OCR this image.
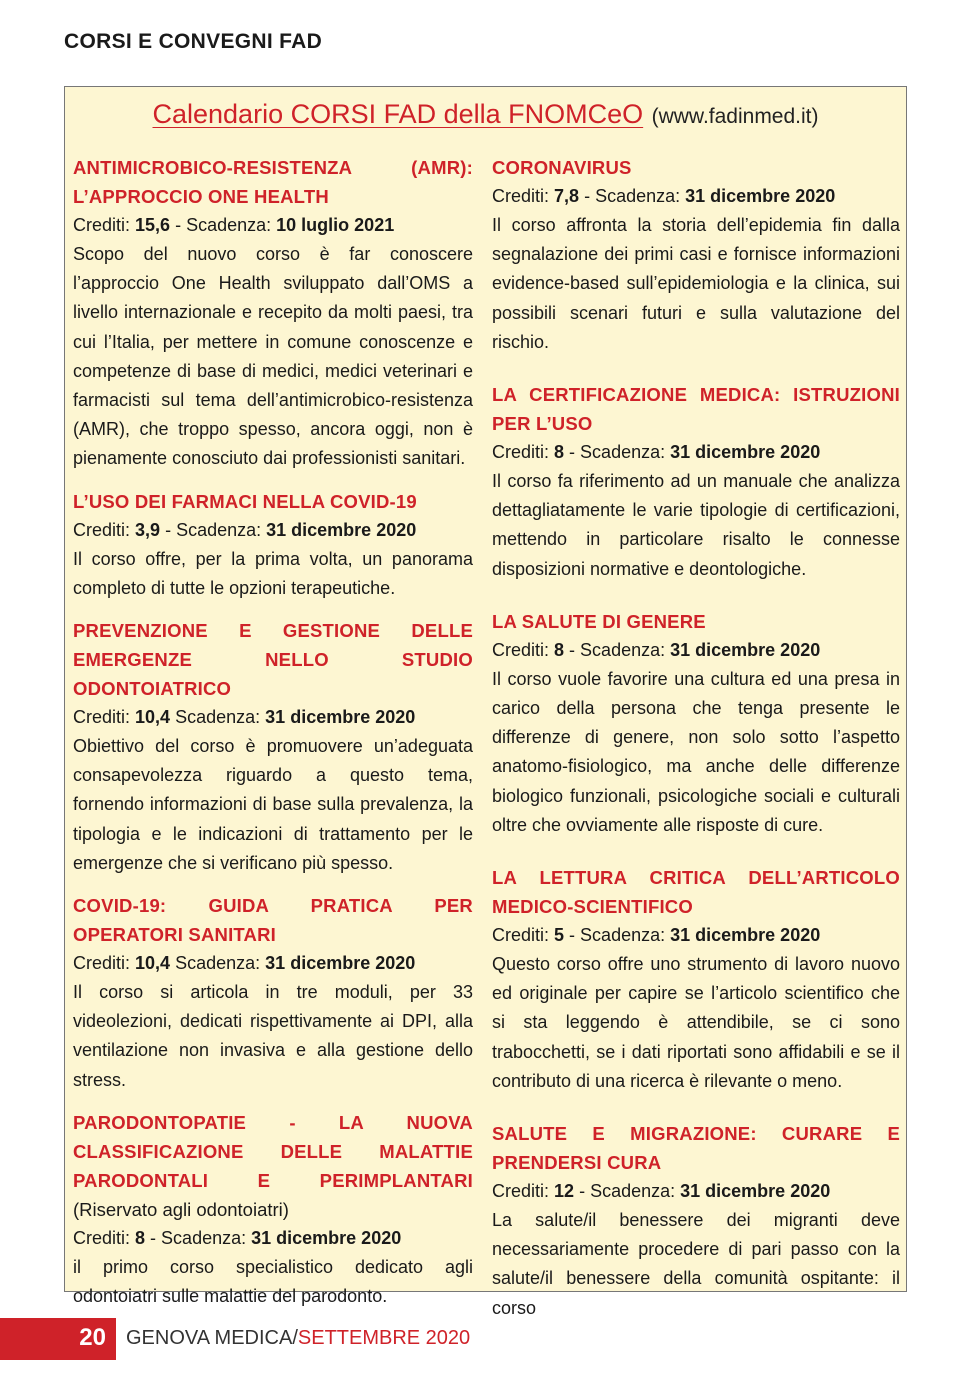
CORSI E CONVEGNI FAD
Calendario CORSI FAD della FNOMCeO (www.fadinmed.it)
ANTIMICROBICO-RESISTENZA (AMR): L’APPROCCIO ONE HEALTH
Crediti: 15,6 - Scadenza: 10 luglio 2021
Scopo del nuovo corso è far conoscere l’approccio One Health sviluppato dall’OMS a livello internazionale e recepito da molti paesi, tra cui l’Italia, per mettere in comune conoscenze e competenze di base di medici, medici veterinari e farmacisti sul tema dell’antimicrobico-resistenza (AMR), che troppo spesso, ancora oggi, non è pienamente conosciuto dai professionisti sanitari.
L’USO DEI FARMACI NELLA COVID-19
Crediti: 3,9 - Scadenza: 31 dicembre 2020
Il corso offre, per la prima volta, un panorama completo di tutte le opzioni terapeutiche.
PREVENZIONE E GESTIONE DELLE EMERGENZE NELLO STUDIO ODONTOIATRICO
Crediti: 10,4 Scadenza: 31 dicembre 2020
Obiettivo del corso è promuovere un’adeguata consapevolezza riguardo a questo tema, fornendo informazioni di base sulla prevalenza, la tipologia e le indicazioni di trattamento per le emergenze che si verificano più spesso.
COVID-19: GUIDA PRATICA PER OPERATORI SANITARI
Crediti: 10,4 Scadenza: 31 dicembre 2020
Il corso si articola in tre moduli, per 33 videolezioni, dedicati rispettivamente ai DPI, alla ventilazione non invasiva e alla gestione dello stress.
PARODONTOPATIE - LA NUOVA CLASSIFICAZIONE DELLE MALATTIE PARODONTALI E PERIMPLANTARI (Riservato agli odontoiatri)
Crediti: 8 - Scadenza: 31 dicembre 2020
il primo corso specialistico dedicato agli odontoiatri sulle malattie del parodonto.
CORONAVIRUS
Crediti: 7,8 - Scadenza: 31 dicembre 2020
Il corso affronta la storia dell’epidemia fin dalla segnalazione dei primi casi e fornisce informazioni evidence-based sull’epidemiologia e la clinica, sui possibili scenari futuri e sulla valutazione del rischio.
LA CERTIFICAZIONE MEDICA: ISTRUZIONI PER L’USO
Crediti: 8 - Scadenza: 31 dicembre 2020
Il corso fa riferimento ad un manuale che analizza dettagliatamente le varie tipologie di certificazioni, mettendo in particolare risalto le connesse disposizioni normative e deontologiche.
LA SALUTE DI GENERE
Crediti: 8 - Scadenza: 31 dicembre 2020
Il corso vuole favorire una cultura ed una presa in carico della persona che tenga presente le differenze di genere, non solo sotto l’aspetto anatomo-fisiologico, ma anche delle differenze biologico funzionali, psicologiche sociali e culturali oltre che ovviamente alle risposte di cure.
LA LETTURA CRITICA DELL’ARTICOLO MEDICO-SCIENTIFICO
Crediti: 5 - Scadenza: 31 dicembre 2020
Questo corso offre uno strumento di lavoro nuovo ed originale per capire se l’articolo scientifico che si sta leggendo è attendibile, se ci sono trabocchetti, se i dati riportati sono affidabili e se il contributo di una ricerca è rilevante o meno.
SALUTE E MIGRAZIONE: CURARE E PRENDERSI CURA
Crediti: 12 - Scadenza: 31 dicembre 2020
La salute/il benessere dei migranti deve necessariamente procedere di pari passo con la salute/il benessere della comunità ospitante: il corso
20 GENOVA MEDICA/SETTEMBRE 2020
